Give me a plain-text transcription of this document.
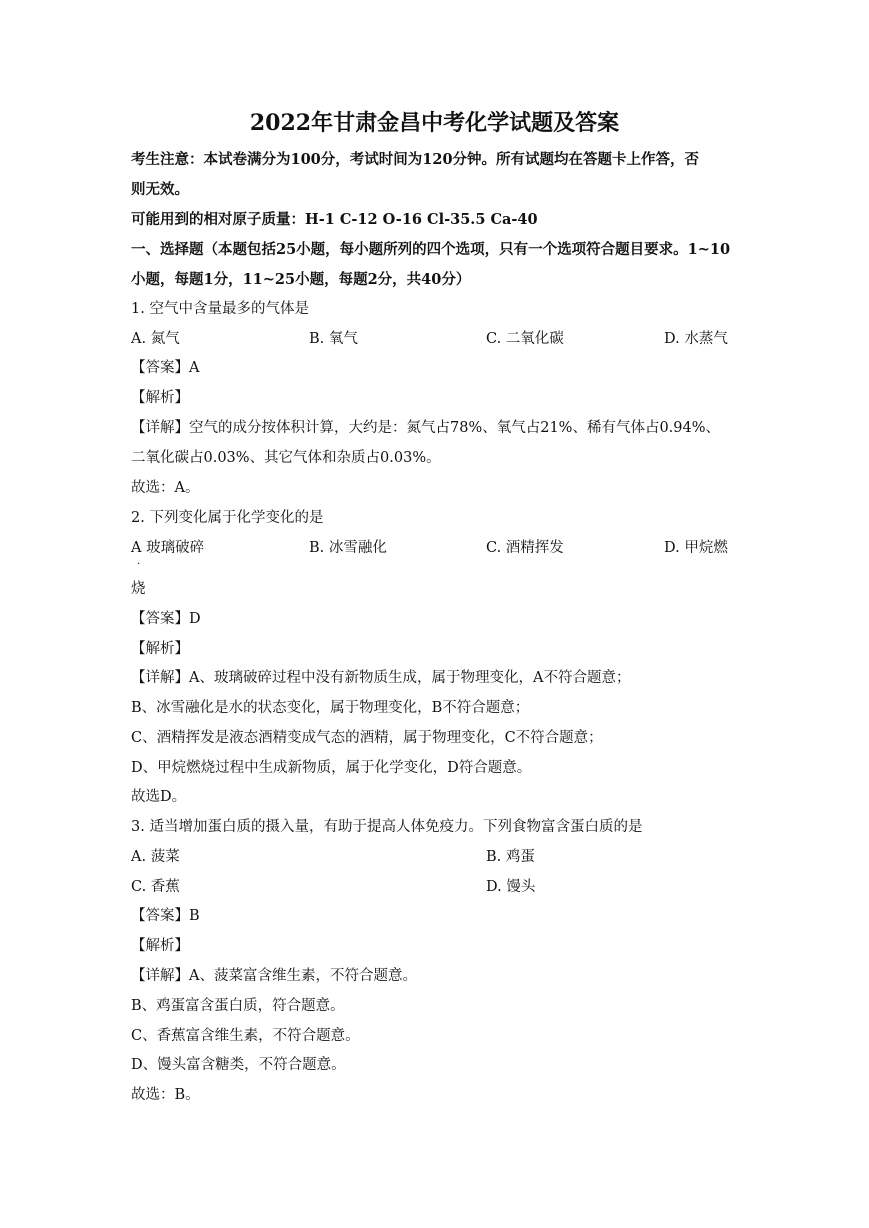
2022年甘肃金昌中考化学试题及答案
考生注意：本试卷满分为100分，考试时间为120分钟。所有试题均在答题卡上作答，否
则无效。
可能用到的相对原子质量：H-1 C-12 O-16 Cl-35.5 Ca-40
一、选择题（本题包括25小题，每小题所列的四个选项，只有一个选项符合题目要求。1~10
小题，每题1分，11~25小题，每题2分，共40分）
1. 空气中含量最多的气体是
A. 氮气	B. 氧气	C. 二氧化碳	D. 水蒸气
【答案】A
【解析】
【详解】空气的成分按体积计算，大约是：氮气占78%、氧气占21%、稀有气体占0.94%、
二氧化碳占0.03%、其它气体和杂质占0.03%。
故选：A。
2. 下列变化属于化学变化的是
A 玻璃破碎	B. 冰雪融化	C. 酒精挥发	D. 甲烷燃
·
烧
【答案】D
【解析】
【详解】A、玻璃破碎过程中没有新物质生成，属于物理变化，A不符合题意；
B、冰雪融化是水的状态变化，属于物理变化，B不符合题意；
C、酒精挥发是液态酒精变成气态的酒精，属于物理变化，C不符合题意；
D、甲烷燃烧过程中生成新物质，属于化学变化，D符合题意。
故选D。
3. 适当增加蛋白质的摄入量，有助于提高人体免疫力。下列食物富含蛋白质的是
A. 菠菜	B. 鸡蛋
C. 香蕉	D. 馒头
【答案】B
【解析】
【详解】A、菠菜富含维生素，不符合题意。
B、鸡蛋富含蛋白质，符合题意。
C、香蕉富含维生素，不符合题意。
D、馒头富含糖类，不符合题意。
故选：B。
